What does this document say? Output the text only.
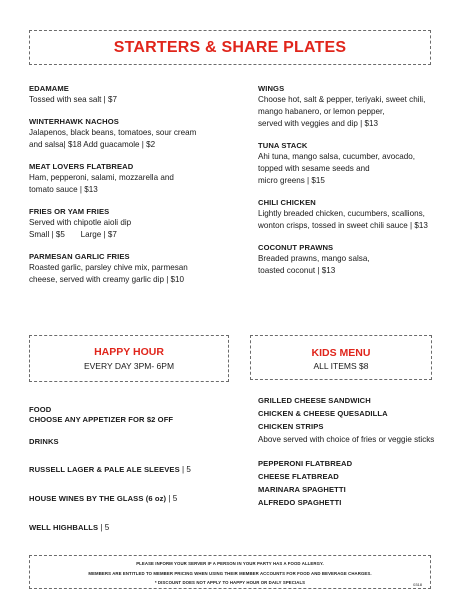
STARTERS & SHARE PLATES
EDAMAME
Tossed with sea salt | $7
WINTERHAWK NACHOS
Jalapenos, black beans, tomatoes, sour cream
and salsa| $18 Add guacamole | $2
MEAT LOVERS FLATBREAD
Ham, pepperoni, salami, mozzarella and
tomato sauce | $13
FRIES OR YAM FRIES
Served with chipotle aioli dip
Small | $5       Large | $7
PARMESAN GARLIC FRIES
Roasted garlic, parsley chive mix, parmesan
cheese, served with creamy garlic dip | $10
WINGS
Choose hot, salt & pepper, teriyaki, sweet chili,
mango habanero, or lemon pepper,
served with veggies and dip | $13
TUNA STACK
Ahi tuna, mango salsa, cucumber, avocado,
topped with sesame seeds and
micro greens | $15
CHILI CHICKEN
Lightly breaded chicken, cucumbers, scallions,
wonton crisps, tossed in sweet chili sauce | $13
COCONUT PRAWNS
Breaded prawns, mango salsa,
toasted coconut | $13
HAPPY HOUR
EVERY DAY 3PM- 6PM
KIDS MENU
ALL ITEMS $8
FOOD
CHOOSE ANY APPETIZER FOR $2 OFF
DRINKS
RUSSELL LAGER & PALE ALE SLEEVES | 5
HOUSE WINES BY THE GLASS (6 oz) | 5
WELL HIGHBALLS | 5
GRILLED CHEESE SANDWICH
CHICKEN & CHEESE QUESADILLA
CHICKEN STRIPS
Above served with choice of fries or veggie sticks
PEPPERONI FLATBREAD
CHEESE FLATBREAD
MARINARA SPAGHETTI
ALFREDO SPAGHETTI
PLEASE INFORM YOUR SERVER IF A PERSON IN YOUR PARTY HAS A FOOD ALLERGY.
MEMBERS ARE ENTITLED TO MEMBER PRICING WHEN USING THEIR MEMBER ACCOUNTS FOR FOOD AND BEVERAGE CHARGES.
* DISCOUNT DOES NOT APPLY TO HAPPY HOUR OR DAILY SPECIALS	0318
